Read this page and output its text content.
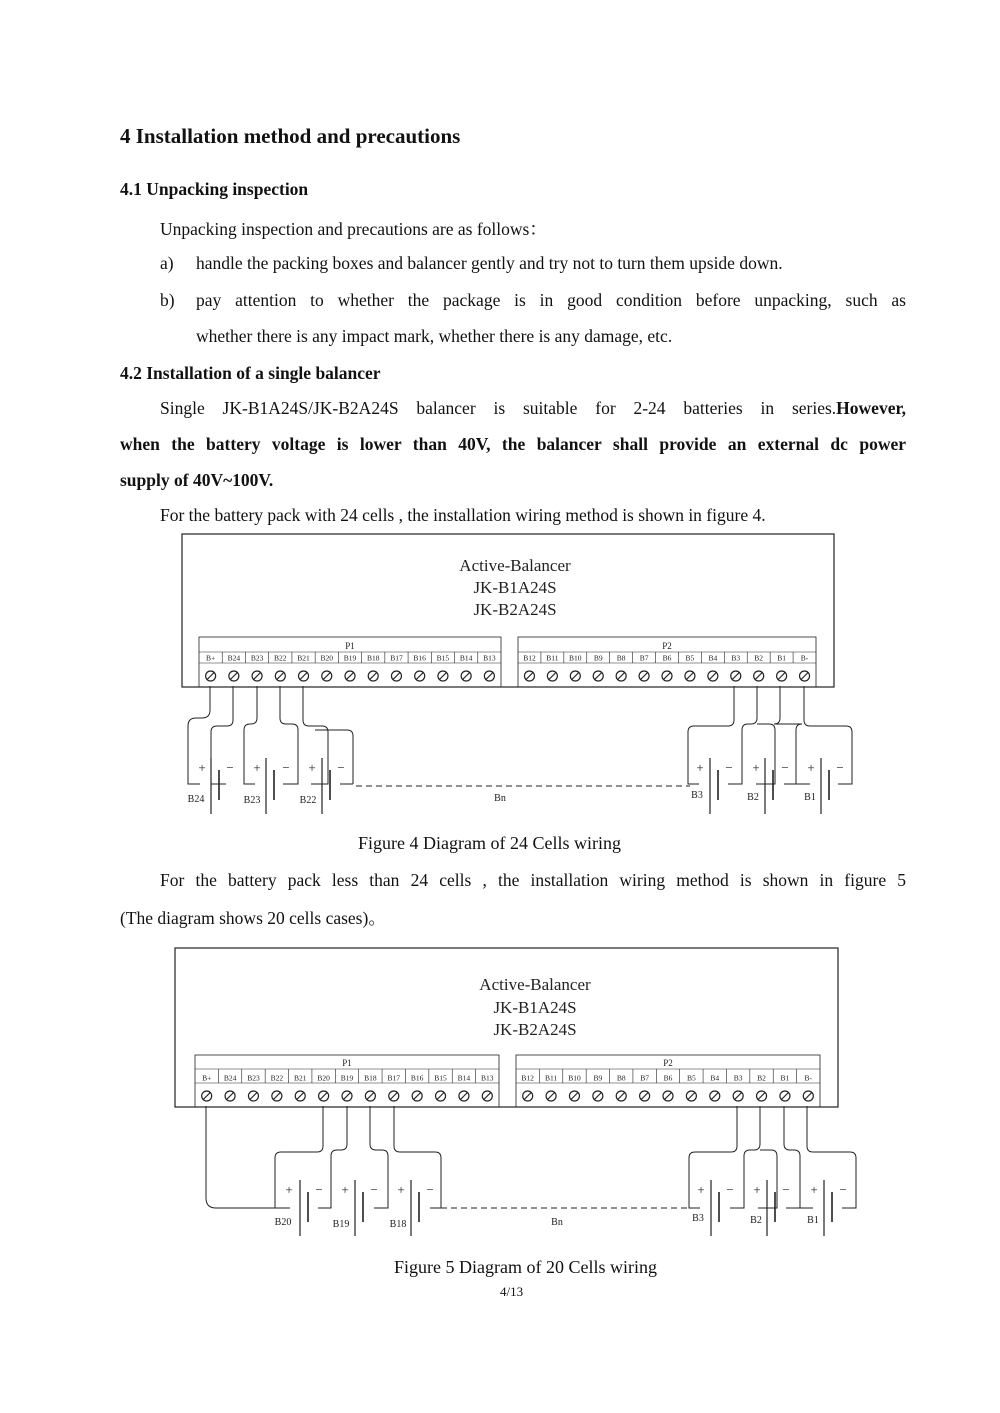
4 Installation method and precautions
4.1 Unpacking inspection
Unpacking inspection and precautions are as follows：
a) handle the packing boxes and balancer gently and try not to turn them upside down.
b) pay attention to whether the package is in good condition before unpacking, such as
whether there is any impact mark, whether there is any damage, etc.
4.2 Installation of a single balancer
Single JK-B1A24S/JK-B2A24S balancer is suitable for 2-24 batteries in series.However,
when the battery voltage is lower than 40V, the balancer shall provide an external dc power
supply of 40V~100V.
For the battery pack with 24 cells , the installation wiring method is shown in figure 4.
Figure 4 Diagram of 24 Cells wiring
For the battery pack less than 24 cells , the installation wiring method is shown in figure 5
(The diagram shows 20 cells cases)。
Figure 5 Diagram of 20 Cells wiring
4/13
Active-Balancer
JK-B1A24S
JK-B2A24S
P1
B+ B24 B23 B22 B21 B20 B19 B18 B17 B16 B15 B14 B13
P2
B12 B11 B10 B9 B8 B7 B6 B5 B4 B3 B2 B1 B-
+ −
B24
+ −
B23
+ −
B22	Bn
+ −
B3
+ −
B2
+ −
B1
Active-Balancer
JK-B1A24S
JK-B2A24S
P1
B+ B24 B23 B22 B21 B20 B19 B18 B17 B16 B15 B14 B13
P2
B12 B11 B10 B9 B8 B7 B6 B5 B4 B3 B2 B1 B-
+ −
B20
+ −
B19
+ −
B18	Bn
+ −
B3
+ −
B2
+ −
B1
